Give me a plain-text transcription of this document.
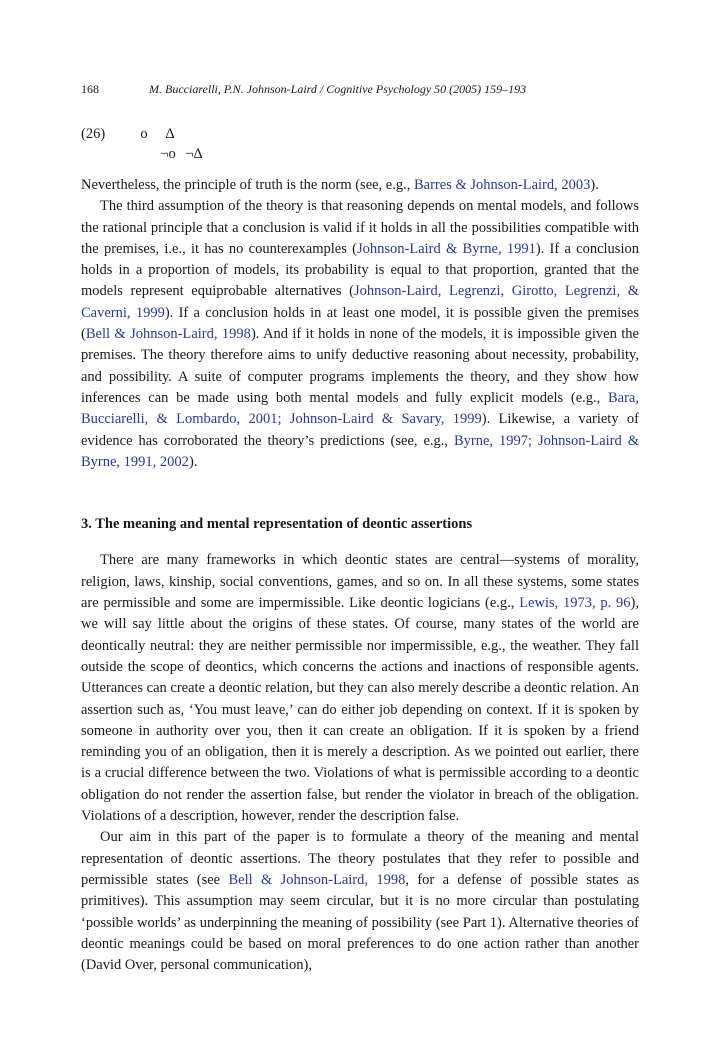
168	M. Bucciarelli, P.N. Johnson-Laird / Cognitive Psychology 50 (2005) 159–193
(26)	o	Δ
¬o ¬Δ

Nevertheless, the principle of truth is the norm (see, e.g., Barres & Johnson-Laird, 2003).

The third assumption of the theory is that reasoning depends on mental models, and follows the rational principle that a conclusion is valid if it holds in all the possibilities compatible with the premises, i.e., it has no counterexamples (Johnson-Laird & Byrne, 1991). If a conclusion holds in a proportion of models, its probability is equal to that proportion, granted that the models represent equiprobable alternatives (Johnson-Laird, Legrenzi, Girotto, Legrenzi, & Caverni, 1999). If a conclusion holds in at least one model, it is possible given the premises (Bell & Johnson-Laird, 1998). And if it holds in none of the models, it is impossible given the premises. The theory therefore aims to unify deductive reasoning about necessity, probability, and possibility. A suite of computer programs implements the theory, and they show how inferences can be made using both mental models and fully explicit models (e.g., Bara, Bucciarelli, & Lombardo, 2001; Johnson-Laird & Savary, 1999). Likewise, a variety of evidence has corroborated the theory’s predictions (see, e.g., Byrne, 1997; Johnson-Laird & Byrne, 1991, 2002).

3. The meaning and mental representation of deontic assertions

There are many frameworks in which deontic states are central—systems of morality, religion, laws, kinship, social conventions, games, and so on. In all these systems, some states are permissible and some are impermissible. Like deontic logicians (e.g., Lewis, 1973, p. 96), we will say little about the origins of these states. Of course, many states of the world are deontically neutral: they are neither permissible nor impermissible, e.g., the weather. They fall outside the scope of deontics, which concerns the actions and inactions of responsible agents. Utterances can create a deontic relation, but they can also merely describe a deontic relation. An assertion such as, ‘You must leave,’ can do either job depending on context. If it is spoken by someone in authority over you, then it can create an obligation. If it is spoken by a friend reminding you of an obligation, then it is merely a description. As we pointed out earlier, there is a crucial difference between the two. Violations of what is permissible according to a deontic obligation do not render the assertion false, but render the violator in breach of the obligation. Violations of a description, however, render the description false.

Our aim in this part of the paper is to formulate a theory of the meaning and mental representation of deontic assertions. The theory postulates that they refer to possible and permissible states (see Bell & Johnson-Laird, 1998, for a defense of possible states as primitives). This assumption may seem circular, but it is no more circular than postulating ‘possible worlds’ as underpinning the meaning of possibility (see Part 1). Alternative theories of deontic meanings could be based on moral preferences to do one action rather than another (David Over, personal communication),
